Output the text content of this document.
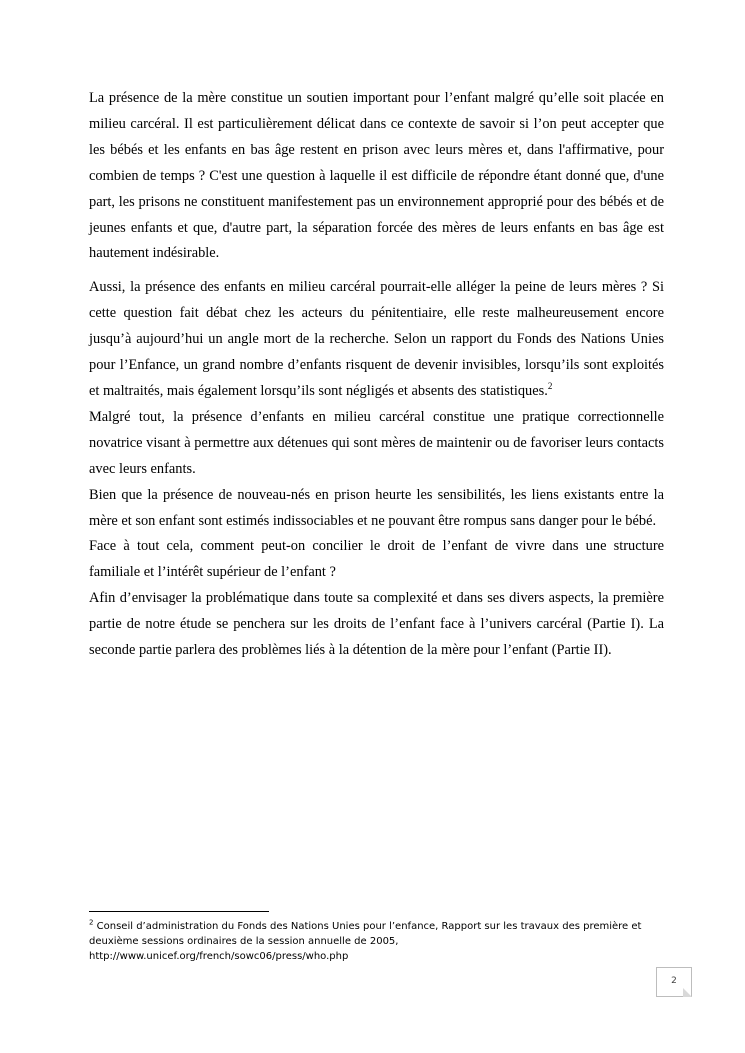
La présence de la mère constitue un soutien important pour l’enfant malgré qu’elle soit placée en milieu carcéral. Il est particulièrement délicat dans ce contexte de savoir si l’on peut accepter que les bébés et les enfants en bas âge restent en prison avec leurs mères et, dans l'affirmative, pour combien de temps ? C'est une question à laquelle il est difficile de répondre étant donné que, d'une part, les prisons ne constituent manifestement pas un environnement approprié pour des bébés et de jeunes enfants et que, d'autre part, la séparation forcée des mères de leurs enfants en bas âge est hautement indésirable.

Aussi, la présence des enfants en milieu carcéral pourrait-elle alléger la peine de leurs mères ? Si cette question fait débat chez les acteurs du pénitentiaire, elle reste malheureusement encore jusqu’à aujourd’hui un angle mort de la recherche. Selon un rapport du Fonds des Nations Unies pour l’Enfance, un grand nombre d’enfants risquent de devenir invisibles, lorsqu’ils sont exploités et maltraités, mais également lorsqu’ils sont négligés et absents des statistiques.$^2$

Malgré tout, la présence d’enfants en milieu carcéral constitue une pratique correctionnelle novatrice visant à permettre aux détenues qui sont mères de maintenir ou de favoriser leurs contacts avec leurs enfants.

Bien que la présence de nouveau-nés en prison heurte les sensibilités, les liens existants entre la mère et son enfant sont estimés indissociables et ne pouvant être rompus sans danger pour le bébé.

Face à tout cela, comment peut-on concilier le droit de l’enfant de vivre dans une structure familiale et l’intérêt supérieur de l’enfant ?

Afin d’envisager la problématique dans toute sa complexité et dans ses divers aspects, la première partie de notre étude se penchera sur les droits de l’enfant face à l’univers carcéral (Partie I). La seconde partie parlera des problèmes liés à la détention de la mère pour l’enfant (Partie II).

$^2$ Conseil d’administration du Fonds des Nations Unies pour l’enfance, Rapport sur les travaux des première et deuxième sessions ordinaires de la session annuelle de 2005,
http://www.unicef.org/french/sowc06/press/who.php
2
